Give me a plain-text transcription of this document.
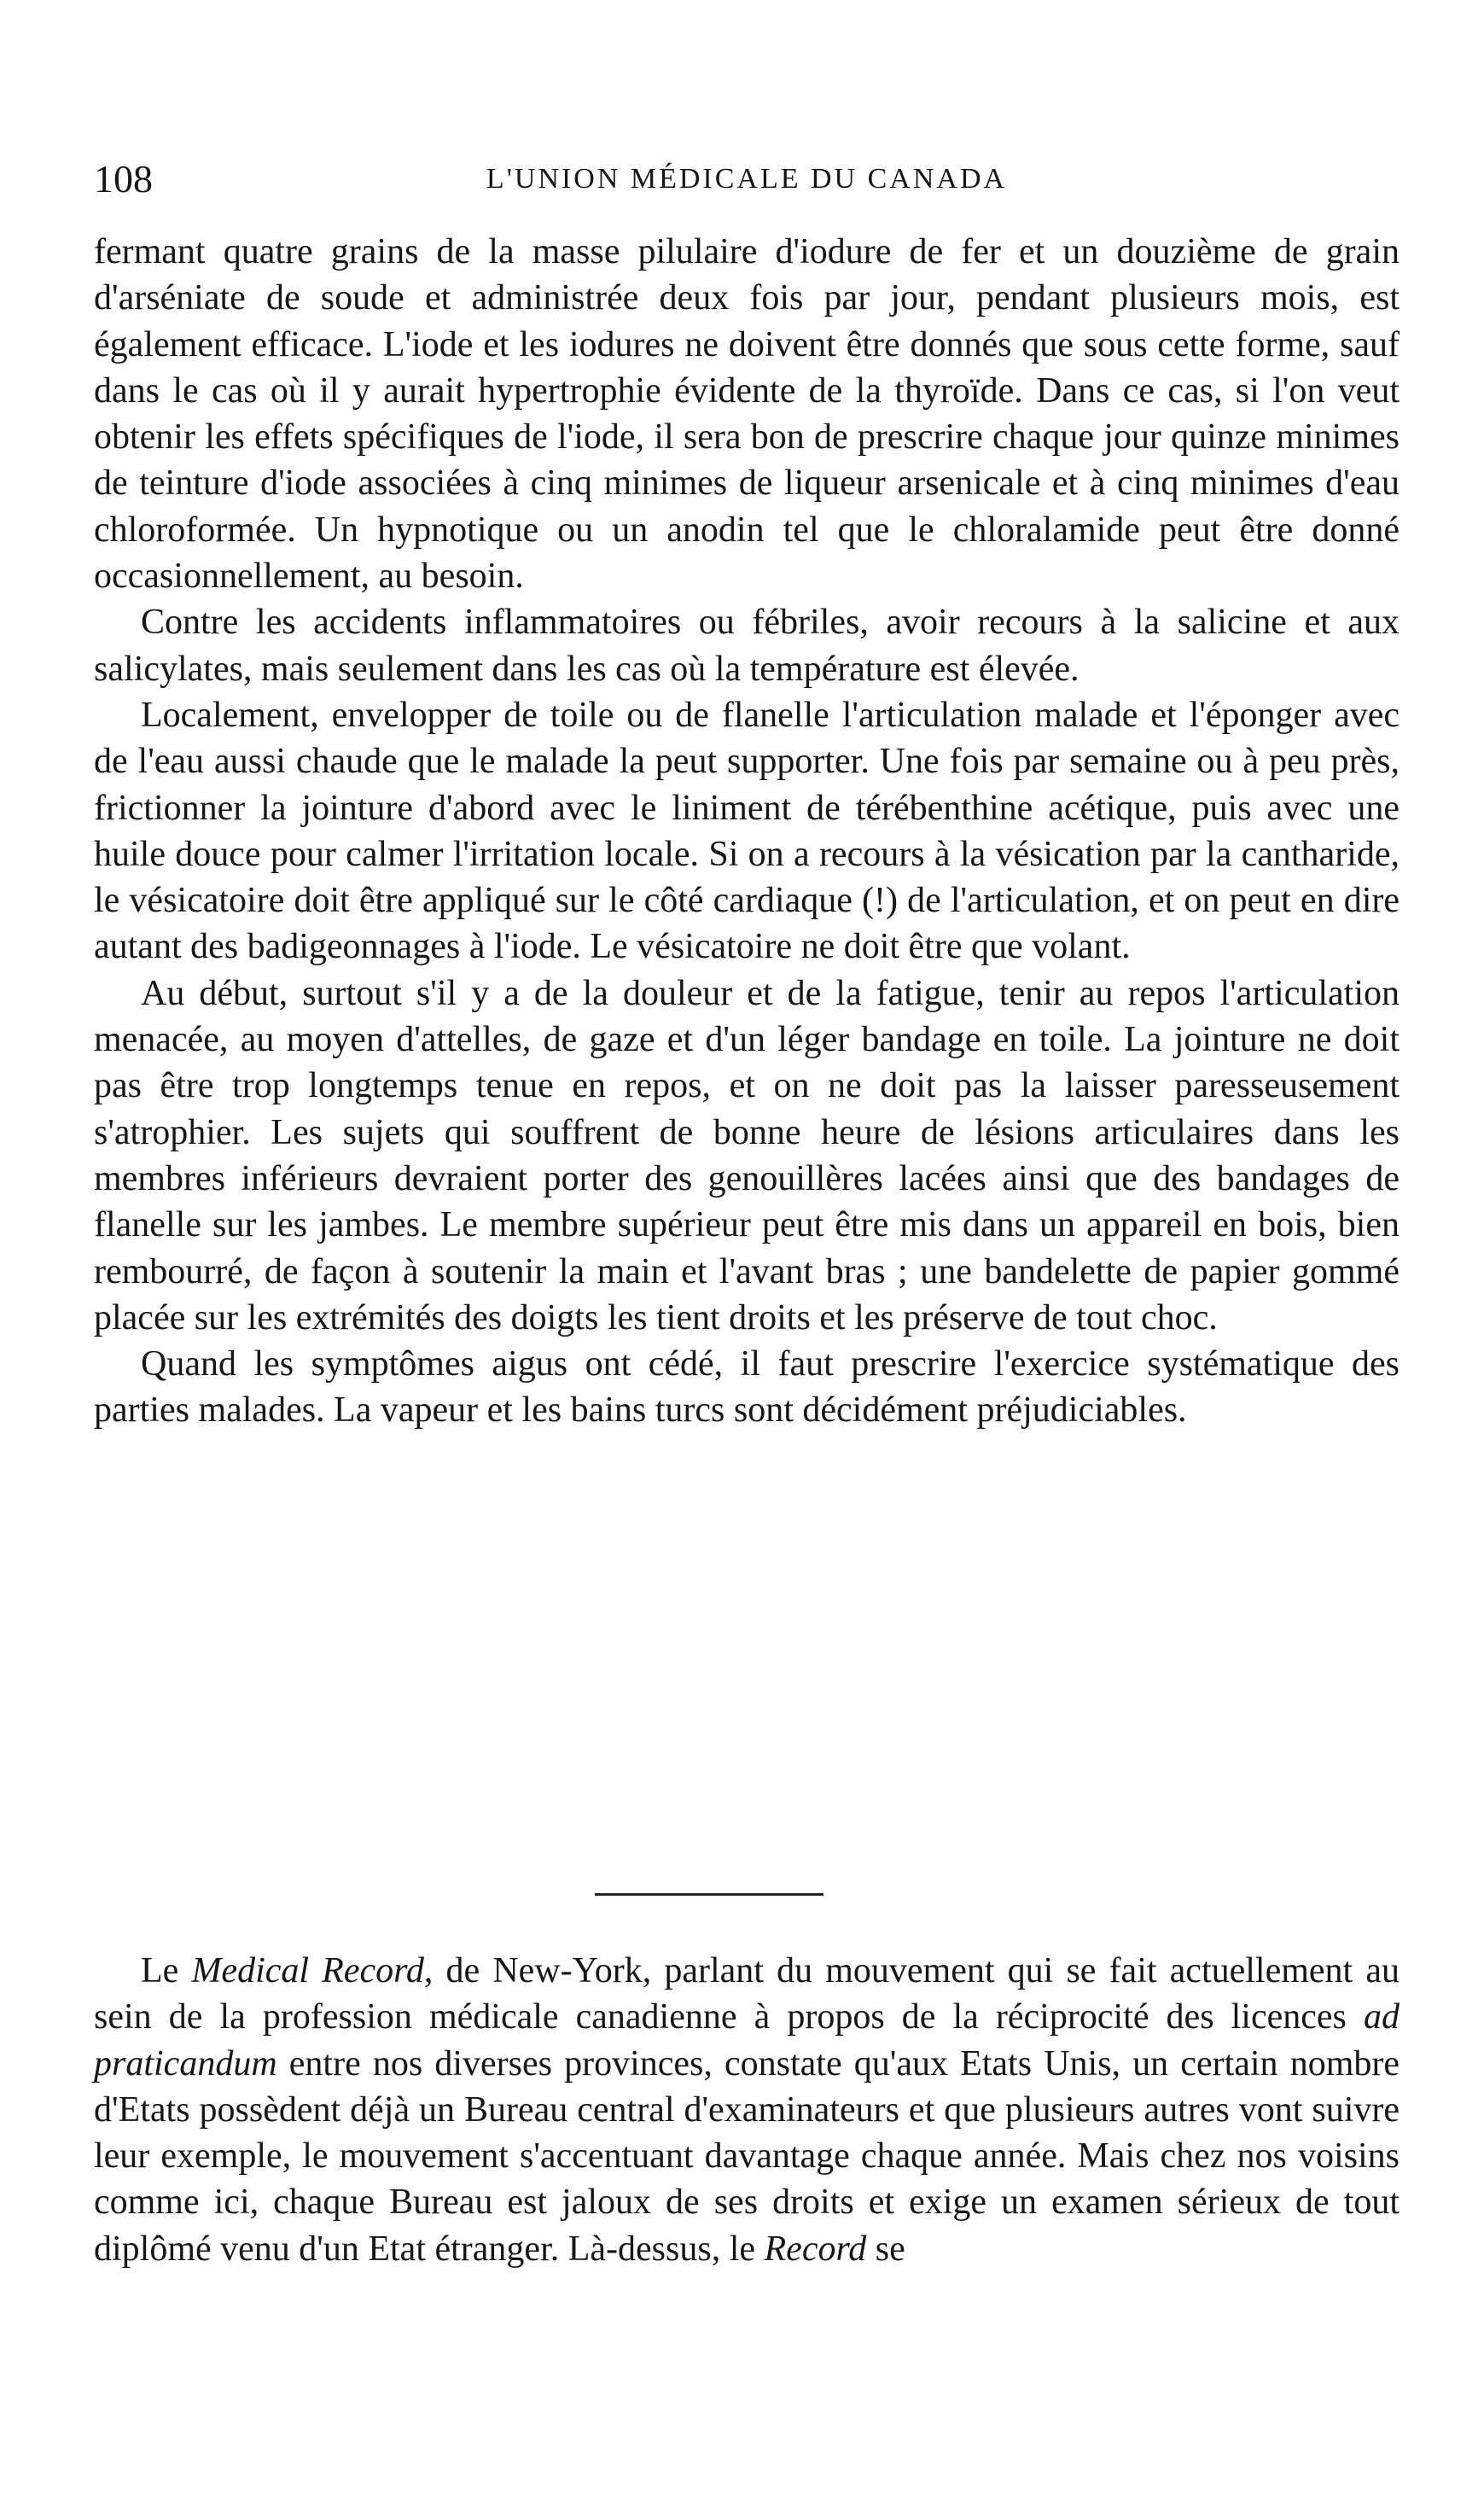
108	L'UNION MÉDICALE DU CANADA

fermant quatre grains de la masse pilulaire d'iodure de fer et un douzième de grain d'arséniate de soude et administrée deux fois par jour, pendant plusieurs mois, est également efficace. L'iode et les iodures ne doivent être donnés que sous cette forme, sauf dans le cas où il y aurait hypertrophie évidente de la thyroïde. Dans ce cas, si l'on veut obtenir les effets spécifiques de l'iode, il sera bon de prescrire chaque jour quinze minimes de teinture d'iode associées à cinq minimes de liqueur arsenicale et à cinq minimes d'eau chloroformée. Un hypnotique ou un anodin tel que le chloralamide peut être donné occasionnellement, au besoin.

Contre les accidents inflammatoires ou fébriles, avoir recours à la salicine et aux salicylates, mais seulement dans les cas où la température est élevée.

Localement, envelopper de toile ou de flanelle l'articulation malade et l'éponger avec de l'eau aussi chaude que le malade la peut supporter. Une fois par semaine ou à peu près, frictionner la jointure d'abord avec le liniment de térébenthine acétique, puis avec une huile douce pour calmer l'irritation locale. Si on a recours à la vésication par la cantharide, le vésicatoire doit être appliqué sur le côté cardiaque (!) de l'articulation, et on peut en dire autant des badigeonnages à l'iode. Le vésicatoire ne doit être que volant.

Au début, surtout s'il y a de la douleur et de la fatigue, tenir au repos l'articulation menacée, au moyen d'attelles, de gaze et d'un léger bandage en toile. La jointure ne doit pas être trop longtemps tenue en repos, et on ne doit pas la laisser paresseusement s'atrophier. Les sujets qui souffrent de bonne heure de lésions articulaires dans les membres inférieurs devraient porter des genouillères lacées ainsi que des bandages de flanelle sur les jambes. Le membre supérieur peut être mis dans un appareil en bois, bien rembourré, de façon à soutenir la main et l'avant bras ; une bandelette de papier gommé placée sur les extrémités des doigts les tient droits et les préserve de tout choc.

Quand les symptômes aigus ont cédé, il faut prescrire l'exercice systématique des parties malades. La vapeur et les bains turcs sont décidément préjudiciables.

Le Medical Record, de New-York, parlant du mouvement qui se fait actuellement au sein de la profession médicale canadienne à propos de la réciprocité des licences ad praticandum entre nos diverses provinces, constate qu'aux Etats Unis, un certain nombre d'Etats possèdent déjà un Bureau central d'examinateurs et que plusieurs autres vont suivre leur exemple, le mouvement s'accentuant davantage chaque année. Mais chez nos voisins comme ici, chaque Bureau est jaloux de ses droits et exige un examen sérieux de tout diplômé venu d'un Etat étranger. Là-dessus, le Record se
